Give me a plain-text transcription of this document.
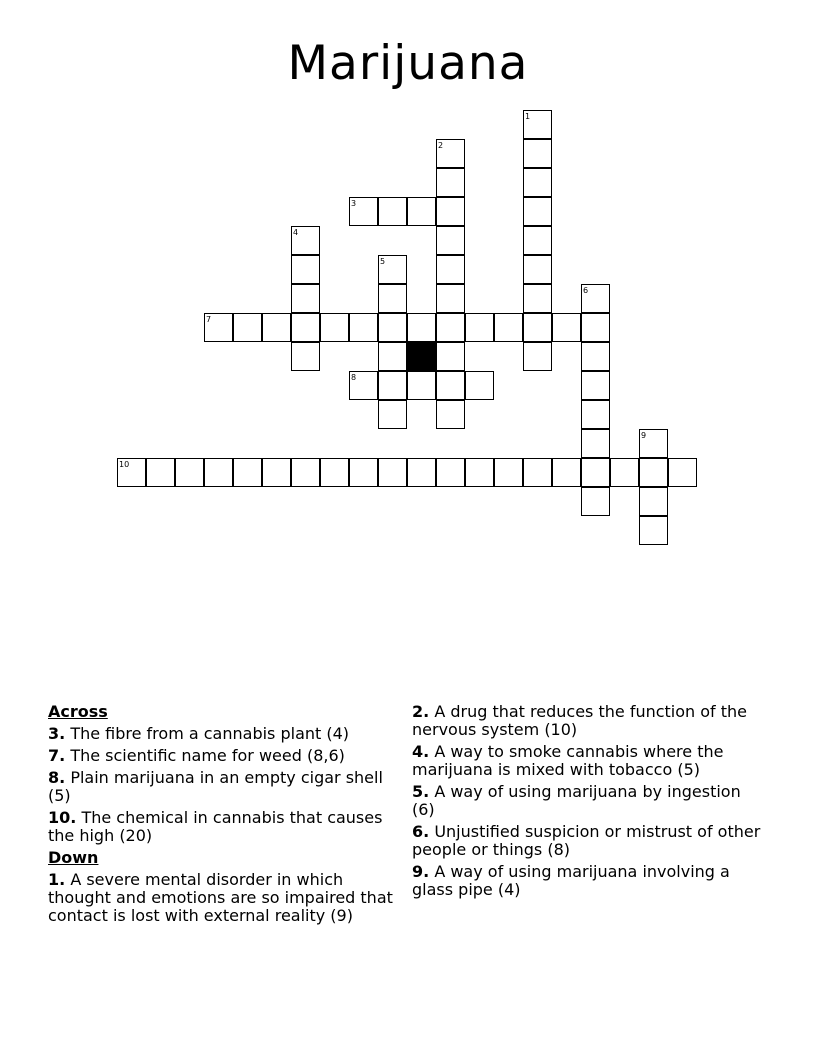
Marijuana
1
2
3
4
5
6
7
8
9
10
Across
3. The fibre from a cannabis plant (4)
7. The scientific name for weed (8,6)
8. Plain marijuana in an empty cigar shell (5)
10. The chemical in cannabis that causes the high (20)
Down
1. A severe mental disorder in which thought and emotions are so impaired that contact is lost with external reality (9)
2. A drug that reduces the function of the nervous system (10)
4. A way to smoke cannabis where the marijuana is mixed with tobacco (5)
5. A way of using marijuana by ingestion (6)
6. Unjustified suspicion or mistrust of other people or things (8)
9. A way of using marijuana involving a glass pipe (4)
